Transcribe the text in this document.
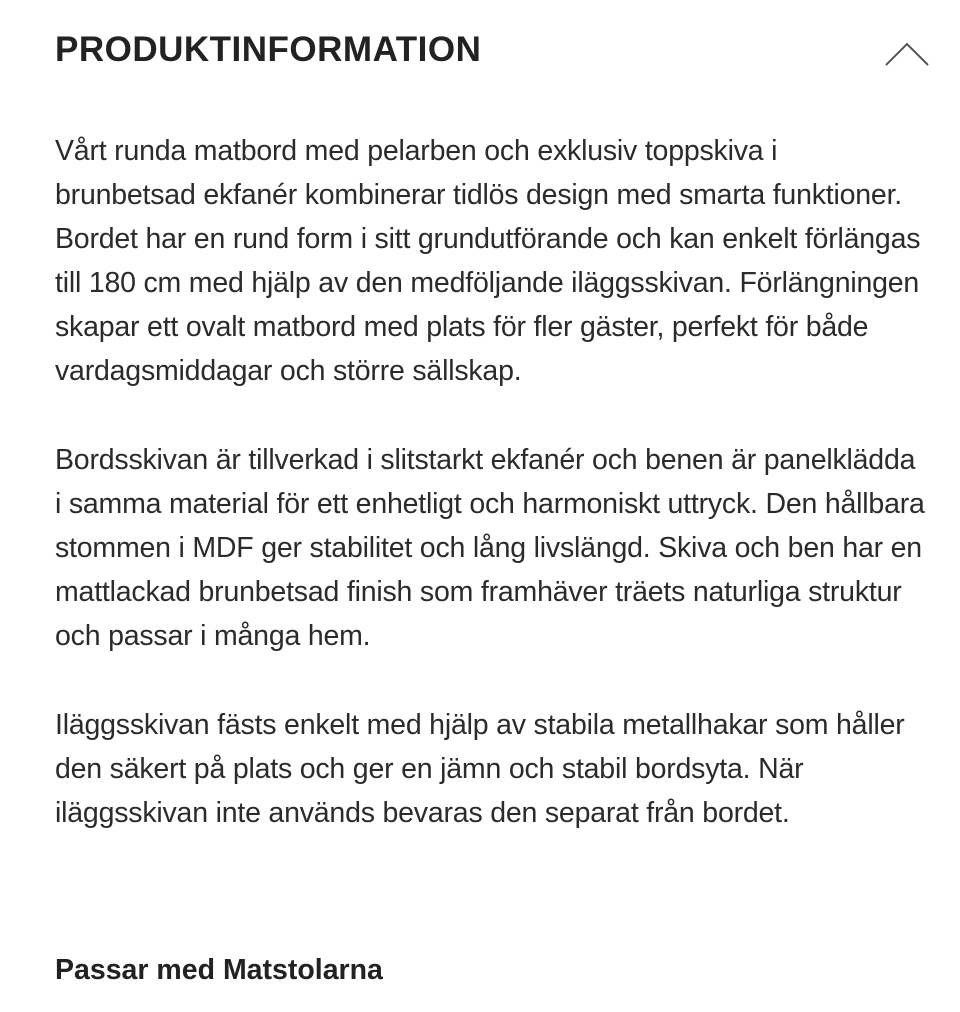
PRODUKTINFORMATION

Vårt runda matbord med pelarben och exklusiv toppskiva i brunbetsad ekfanér kombinerar tidlös design med smarta funktioner. Bordet har en rund form i sitt grundutförande och kan enkelt förlängas till 180 cm med hjälp av den medföljande iläggsskivan. Förlängningen skapar ett ovalt matbord med plats för fler gäster, perfekt för både vardagsmiddagar och större sällskap.

Bordsskivan är tillverkad i slitstarkt ekfanér och benen är panelklädda i samma material för ett enhetligt och harmoniskt uttryck. Den hållbara stommen i MDF ger stabilitet och lång livslängd. Skiva och ben har en mattlackad brunbetsad finish som framhäver träets naturliga struktur och passar i många hem.

Iläggsskivan fästs enkelt med hjälp av stabila metallhakar som håller den säkert på plats och ger en jämn och stabil bordsyta. När iläggsskivan inte används bevaras den separat från bordet.

Passar med Matstolarna
